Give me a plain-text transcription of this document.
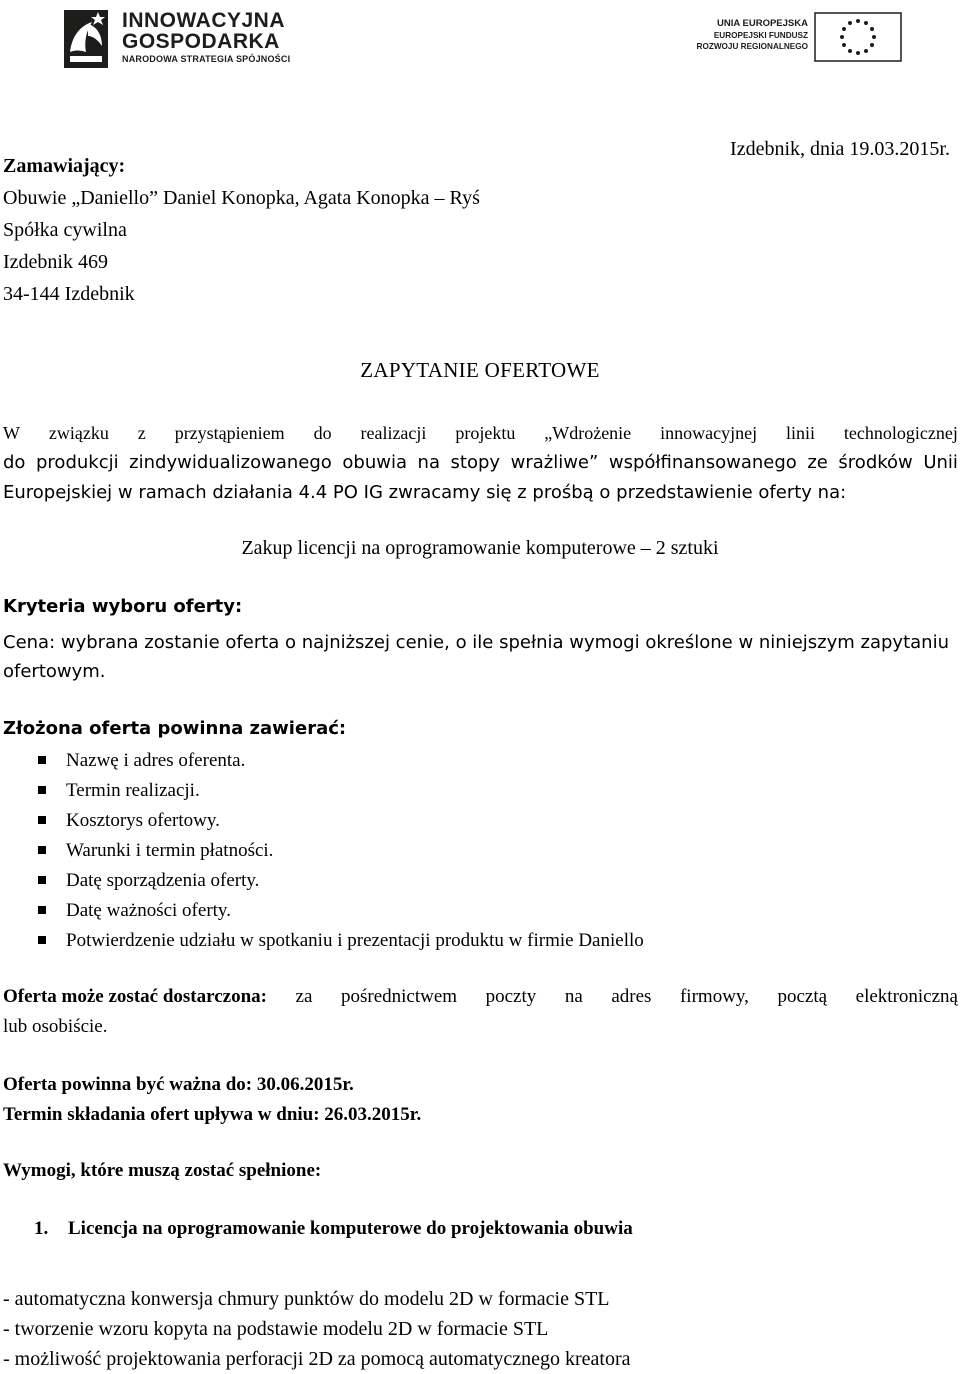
INNOWACYJNA
GOSPODARKA
NARODOWA STRATEGIA SPÓJNOŚCI
UNIA EUROPEJSKA
EUROPEJSKI FUNDUSZ
ROZWOJU REGIONALNEGO
Izdebnik, dnia 19.03.2015r.
Zamawiający:
Obuwie „Daniello” Daniel Konopka, Agata Konopka – Ryś
Spółka cywilna
Izdebnik 469
34-144 Izdebnik
ZAPYTANIE OFERTOWE
W związku z przystąpieniem do realizacji projektu „Wdrożenie innowacyjnej linii technologicznej
do produkcji zindywidualizowanego obuwia na stopy wrażliwe” współfinansowanego ze środków Unii
Europejskiej w ramach działania 4.4 PO IG zwracamy się z prośbą o przedstawienie oferty na:
Zakup licencji na oprogramowanie komputerowe – 2 sztuki
Kryteria wyboru oferty:
Cena: wybrana zostanie oferta o najniższej cenie, o ile spełnia wymogi określone w niniejszym zapytaniu ofertowym.
Złożona oferta powinna zawierać:
Nazwę i adres oferenta.
Termin realizacji.
Kosztorys ofertowy.
Warunki i termin płatności.
Datę sporządzenia oferty.
Datę ważności oferty.
Potwierdzenie udziału w spotkaniu i prezentacji produktu w firmie Daniello
Oferta może zostać dostarczona: za pośrednictwem poczty na adres firmowy, pocztą elektroniczną
lub osobiście.
Oferta powinna być ważna do: 30.06.2015r.
Termin składania ofert upływa w dniu: 26.03.2015r.
Wymogi, które muszą zostać spełnione:
1. Licencja na oprogramowanie komputerowe do projektowania obuwia
- automatyczna konwersja chmury punktów do modelu 2D w formacie STL
- tworzenie wzoru kopyta na podstawie modelu 2D w formacie STL
- możliwość projektowania perforacji 2D za pomocą automatycznego kreatora
